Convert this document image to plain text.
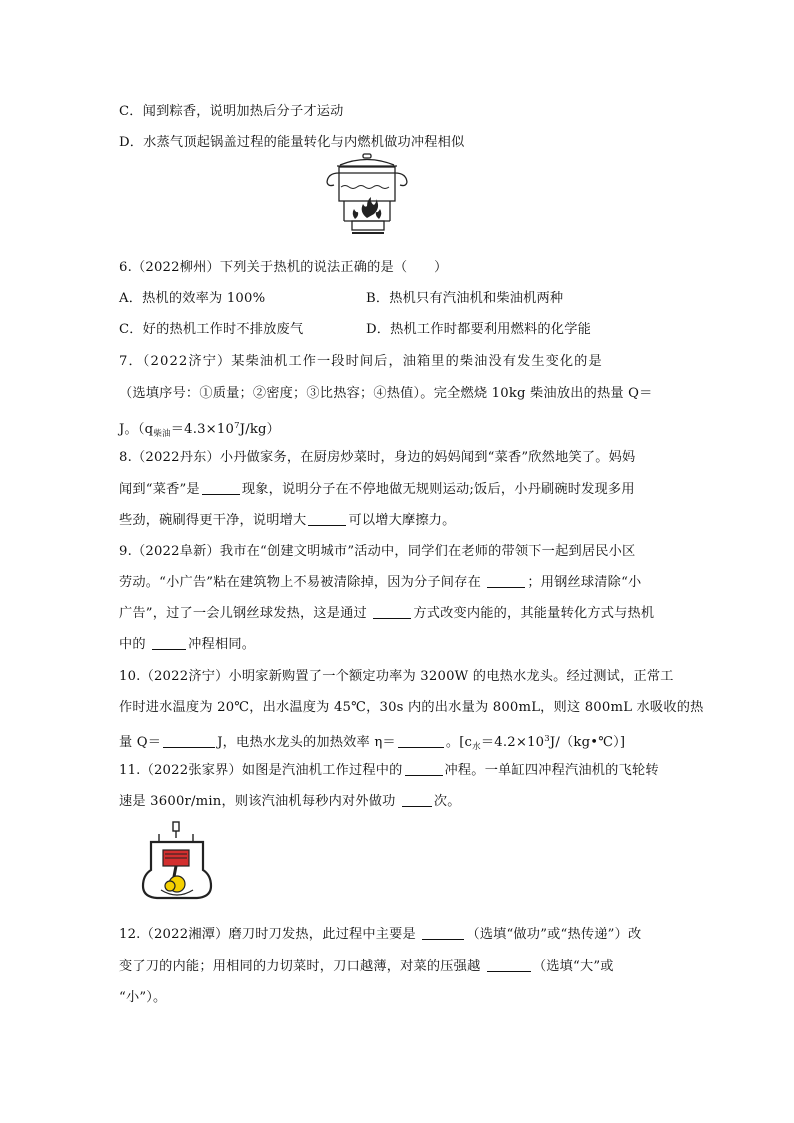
C．闻到粽香，说明加热后分子才运动
D．水蒸气顶起锅盖过程的能量转化与内燃机做功冲程相似
6.（2022柳州）下列关于热机的说法正确的是（　　）
A．热机的效率为 100%	B．热机只有汽油机和柴油机两种
C．好的热机工作时不排放废气	D．热机工作时都要利用燃料的化学能
7．（2022济宁）某柴油机工作一段时间后，油箱里的柴油没有发生变化的是
（选填序号：①质量；②密度；③比热容；④热值）。完全燃烧 10kg 柴油放出的热量 Q＝
J。$(q_{柴油}=4.3\times 10^7J/kg)$
8.（2022丹东）小丹做家务，在厨房炒菜时，身边的妈妈闻到“菜香”欣然地笑了。妈妈
闻到“菜香”是	现象，说明分子在不停地做无规则运动;饭后，小丹刷碗时发现多用
些劲，碗刷得更干净，说明增大	可以增大摩擦力。
9.（2022阜新）我市在“创建文明城市”活动中，同学们在老师的带领下一起到居民小区
劳动。“小广告”粘在建筑物上不易被清除掉，因为分子间存在	；用钢丝球清除“小
广告”，过了一会儿钢丝球发热，这是通过	方式改变内能的，其能量转化方式与热机
中的	冲程相同。
10.（2022济宁）小明家新购置了一个额定功率为 3200W 的电热水龙头。经过测试，正常工
作时进水温度为 20℃，出水温度为 45℃，30s 内的出水量为 800mL，则这 800mL 水吸收的热
量 Q＝	J，电热水龙头的加热效率 η＝	。$[c_水=4.2\times 10^3J/(kg•℃)]$
11.（2022张家界）如图是汽油机工作过程中的	冲程。一单缸四冲程汽油机的飞轮转
速是 3600r/min，则该汽油机每秒内对外做功	次。
12.（2022湘潭）磨刀时刀发热，此过程中主要是	（选填“做功”或“热传递”）改
变了刀的内能；用相同的力切菜时，刀口越薄，对菜的压强越	（选填“大”或
“小”）。
